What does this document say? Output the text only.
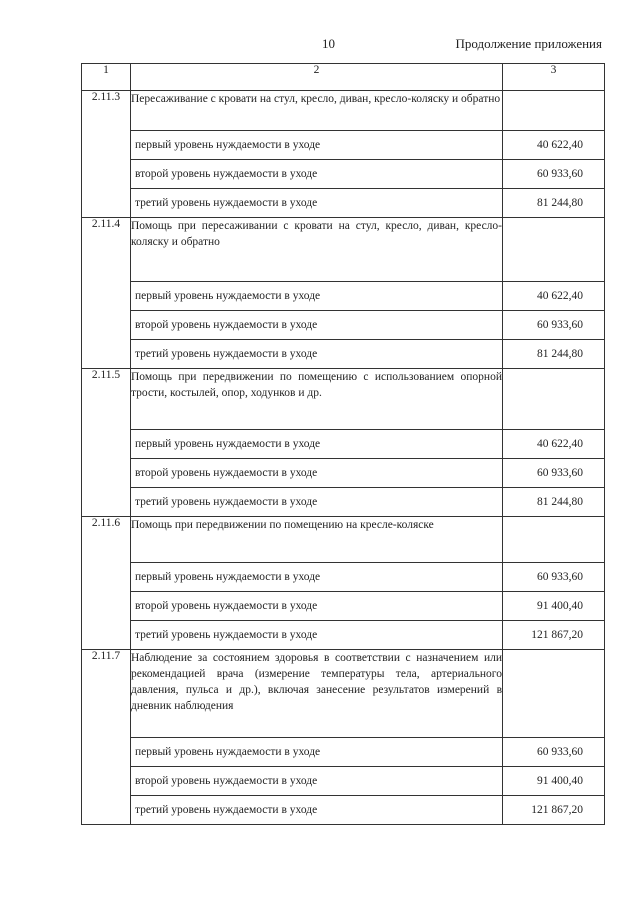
10	Продолжение приложения
1	2	3
2.11.3	Пересаживание с кровати на стул, кресло, диван, кресло-коляску и обратно	
	первый уровень нуждаемости в уходе	40 622,40
	второй уровень нуждаемости в уходе	60 933,60
	третий уровень нуждаемости в уходе	81 244,80
2.11.4	Помощь при пересаживании с кровати на стул, кресло, диван, кресло-коляску и обратно	
	первый уровень нуждаемости в уходе	40 622,40
	второй уровень нуждаемости в уходе	60 933,60
	третий уровень нуждаемости в уходе	81 244,80
2.11.5	Помощь при передвижении по помещению с использованием опорной трости, костылей, опор, ходунков и др.	
	первый уровень нуждаемости в уходе	40 622,40
	второй уровень нуждаемости в уходе	60 933,60
	третий уровень нуждаемости в уходе	81 244,80
2.11.6	Помощь при передвижении по помещению на кресле-коляске	
	первый уровень нуждаемости в уходе	60 933,60
	второй уровень нуждаемости в уходе	91 400,40
	третий уровень нуждаемости в уходе	121 867,20
2.11.7	Наблюдение за состоянием здоровья в соответствии с назначением или рекомендацией врача (измерение температуры тела, артериального давления, пульса и др.), включая занесение результатов измерений в дневник наблюдения	
	первый уровень нуждаемости в уходе	60 933,60
	второй уровень нуждаемости в уходе	91 400,40
	третий уровень нуждаемости в уходе	121 867,20
